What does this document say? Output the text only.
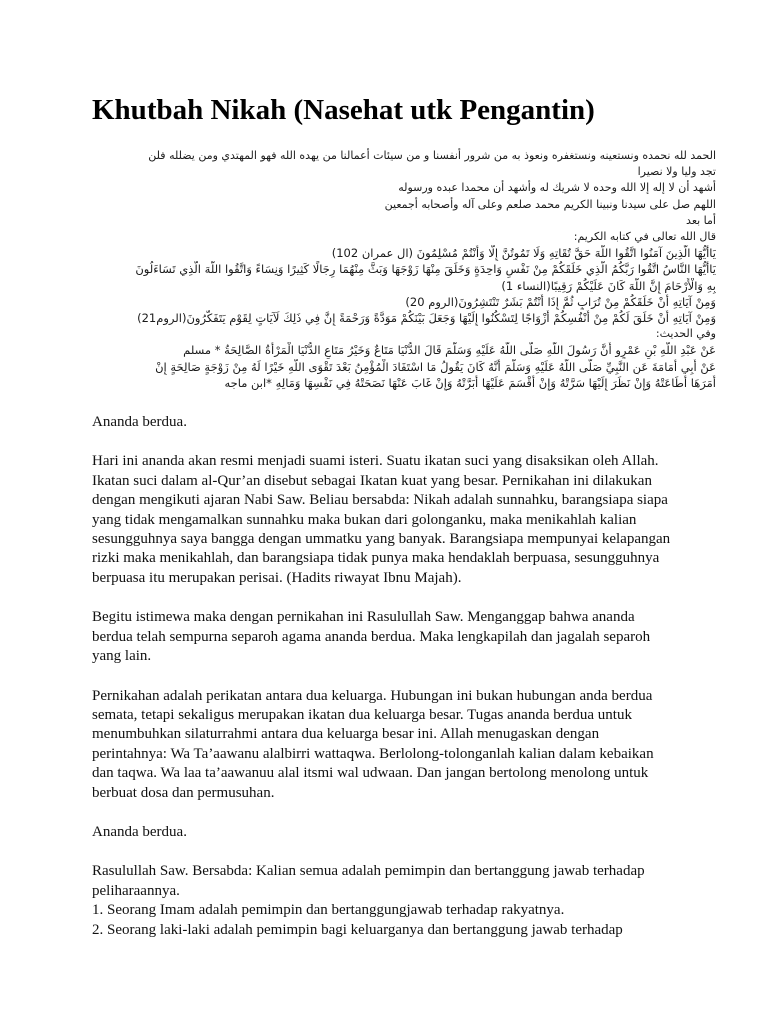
Khutbah Nikah (Nasehat utk Pengantin)
الحمد لله نحمده ونستعينه ونستغفره ونعوذ به من شرور أنفسنا و من سيئات أعمالنا من يهده الله فهو المهتدي ومن يضلله فلن
تجد وليا ولا نصيرا
أشهد أن لا إله إلا الله وحده لا شريك له وأشهد أن محمدا عبده ورسوله
اللهم صل على سيدنا ونبينا الكريم محمد صلعم وعلى آله وأصحابه أجمعين
أما بعد
قال الله تعالى في كتابه الكريم:
يَاأَيُّهَا الَّذِينَ آمَنُوا اتَّقُوا اللَّهَ حَقَّ تُقَاتِهِ وَلَا تَمُوتُنَّ إِلَّا وَأَنْتُمْ مُسْلِمُونَ (ال عمران 102)
يَاأَيُّهَا النَّاسُ اتَّقُوا رَبَّكُمُ الَّذِي خَلَقَكُمْ مِنْ نَفْسٍ وَاحِدَةٍ وَخَلَقَ مِنْهَا زَوْجَهَا وَبَثَّ مِنْهُمَا رِجَالًا كَثِيرًا وَنِسَاءً وَاتَّقُوا اللَّهَ الَّذِي تَسَاءَلُونَ
بِهِ وَالْأَرْحَامَ إِنَّ اللَّهَ كَانَ عَلَيْكُمْ رَقِيبًا(النساء 1)
وَمِنْ آيَاتِهِ أَنْ خَلَقَكُمْ مِنْ تُرَابٍ ثُمَّ إِذَا أَنْتُمْ بَشَرٌ تَنْتَشِرُونَ(الروم 20)
وَمِنْ آيَاتِهِ أَنْ خَلَقَ لَكُمْ مِنْ أَنْفُسِكُمْ أَزْوَاجًا لِتَسْكُنُوا إِلَيْهَا وَجَعَلَ بَيْنَكُمْ مَوَدَّةً وَرَحْمَةً إِنَّ فِي ذَلِكَ لَآيَاتٍ لِقَوْمٍ يَتَفَكَّرُونَ(الروم21)
وفي الحديث:
عَنْ عَبْدِ اللَّهِ بْنِ عَمْرٍو أَنَّ رَسُولَ اللَّهِ صَلَّى اللَّهُ عَلَيْهِ وَسَلَّمَ قَالَ الدُّنْيَا مَتَاعٌ وَخَيْرُ مَتَاعِ الدُّنْيَا الْمَرْأَةُ الصَّالِحَةُ * مسلم
عَنْ أَبِي أُمَامَةَ عَنِ النَّبِيِّ صَلَّى اللَّهُ عَلَيْهِ وَسَلَّمَ أَنَّهُ كَانَ يَقُولُ مَا اسْتَفَادَ الْمُؤْمِنُ بَعْدَ تَقْوَى اللَّهِ خَيْرًا لَهُ مِنْ زَوْجَةٍ صَالِحَةٍ إِنْ
أَمَرَهَا أَطَاعَتْهُ وَإِنْ نَظَرَ إِلَيْهَا سَرَّتْهُ وَإِنْ أَقْسَمَ عَلَيْهَا أَبَرَّتْهُ وَإِنْ غَابَ عَنْهَا نَصَحَتْهُ فِي نَفْسِهَا وَمَالِهِ *ابن ماجه

Ananda berdua.

Hari ini ananda akan resmi menjadi suami isteri. Suatu ikatan suci yang disaksikan oleh Allah.
Ikatan suci dalam al-Qur’an disebut sebagai Ikatan kuat yang besar. Pernikahan ini dilakukan
dengan mengikuti ajaran Nabi Saw. Beliau bersabda: Nikah adalah sunnahku, barangsiapa siapa
yang tidak mengamalkan sunnahku maka bukan dari golonganku, maka menikahlah kalian
sesungguhnya saya bangga dengan ummatku yang banyak. Barangsiapa mempunyai kelapangan
rizki maka menikahlah, dan barangsiapa tidak punya maka hendaklah berpuasa, sesungguhnya
berpuasa itu merupakan perisai. (Hadits riwayat Ibnu Majah).

Begitu istimewa maka dengan pernikahan ini Rasulullah Saw. Menganggap bahwa ananda
berdua telah sempurna separoh agama ananda berdua. Maka lengkapilah dan jagalah separoh
yang lain.

Pernikahan adalah perikatan antara dua keluarga. Hubungan ini bukan hubungan anda berdua
semata, tetapi sekaligus merupakan ikatan dua keluarga besar. Tugas ananda berdua untuk
menumbuhkan silaturrahmi antara dua keluarga besar ini. Allah menugaskan dengan
perintahnya: Wa Ta’aawanu alalbirri wattaqwa. Berlolong-tolonganlah kalian dalam kebaikan
dan taqwa. Wa laa ta’aawanuu alal itsmi wal udwaan. Dan jangan bertolong menolong untuk
berbuat dosa dan permusuhan.

Ananda berdua.

Rasulullah Saw. Bersabda: Kalian semua adalah pemimpin dan bertanggung jawab terhadap
peliharaannya.
1. Seorang Imam adalah pemimpin dan bertanggungjawab terhadap rakyatnya.
2. Seorang laki-laki adalah pemimpin bagi keluarganya dan bertanggung jawab terhadap
